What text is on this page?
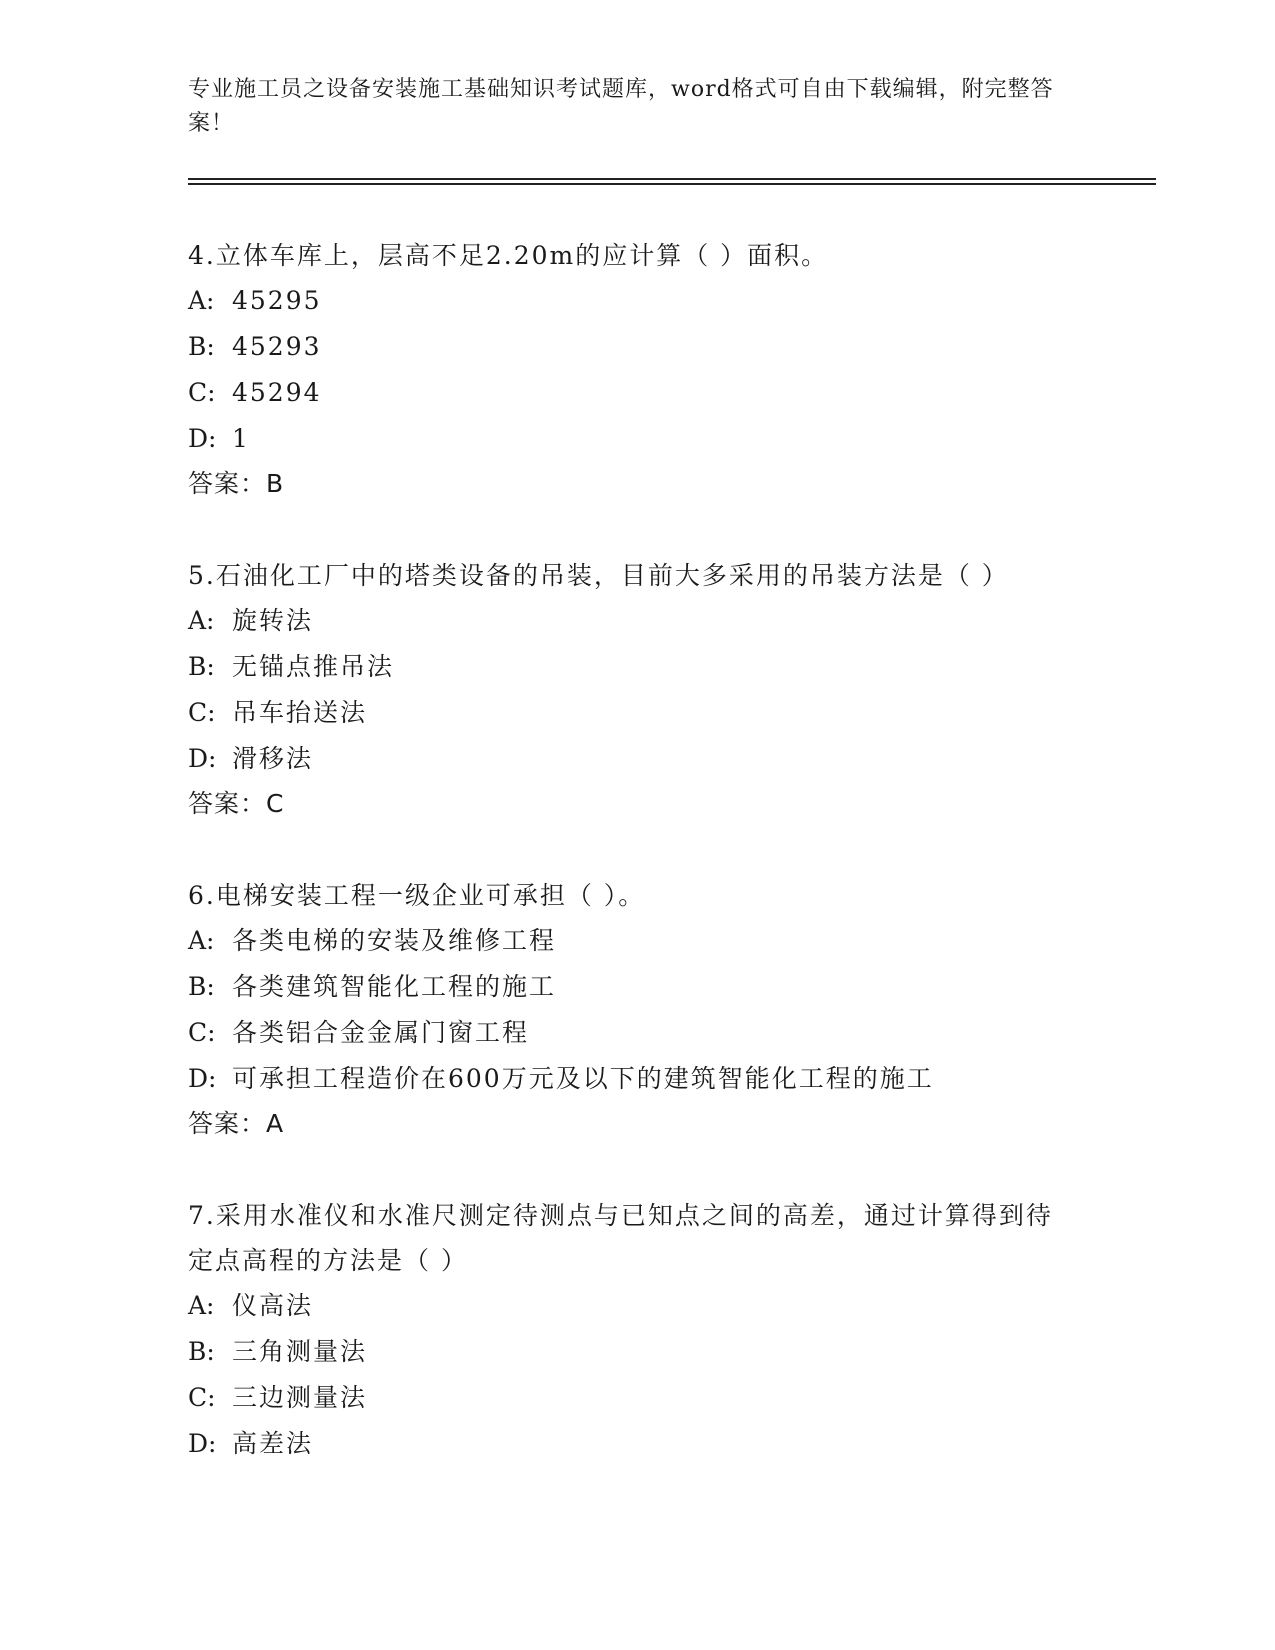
专业施工员之设备安装施工基础知识考试题库，word格式可自由下载编辑，附完整答案！

4.立体车库上，层高不足2.20m的应计算（ ）面积。

A: 45295

B: 45293

C: 45294

D: 1

答案：B

5.石油化工厂中的塔类设备的吊装，目前大多采用的吊装方法是（ ）

A: 旋转法

B: 无锚点推吊法

C: 吊车抬送法

D: 滑移法

答案：C

6.电梯安装工程一级企业可承担（ ）。

A: 各类电梯的安装及维修工程

B: 各类建筑智能化工程的施工

C: 各类铝合金金属门窗工程

D: 可承担工程造价在600万元及以下的建筑智能化工程的施工

答案：A

7.采用水准仪和水准尺测定待测点与已知点之间的高差，通过计算得到待定点高程的方法是（ ）

A: 仪高法

B: 三角测量法

C: 三边测量法

D: 高差法
